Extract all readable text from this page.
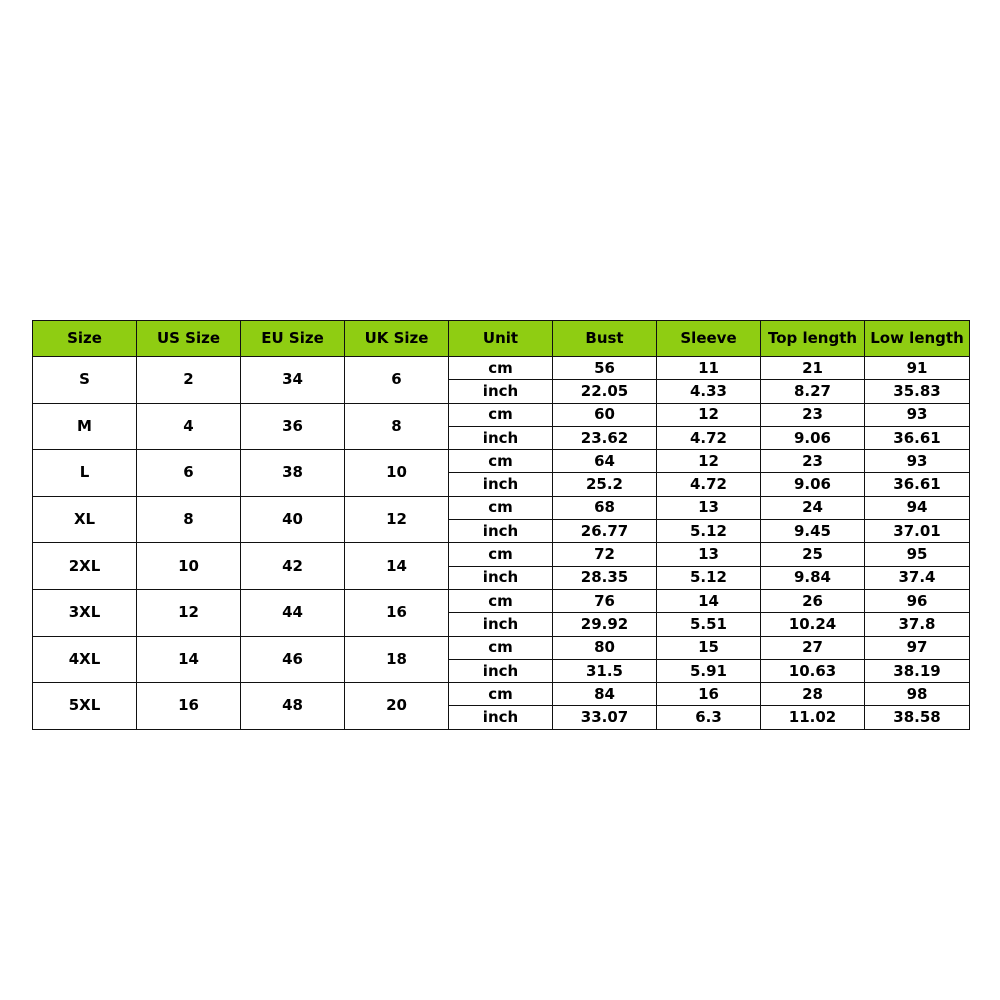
Size	US Size	EU Size	UK Size	Unit	Bust	Sleeve	Top length	Low length
S	2	34	6	cm	56	11	21	91
				inch	22.05	4.33	8.27	35.83
M	4	36	8	cm	60	12	23	93
				inch	23.62	4.72	9.06	36.61
L	6	38	10	cm	64	12	23	93
				inch	25.2	4.72	9.06	36.61
XL	8	40	12	cm	68	13	24	94
				inch	26.77	5.12	9.45	37.01
2XL	10	42	14	cm	72	13	25	95
				inch	28.35	5.12	9.84	37.4
3XL	12	44	16	cm	76	14	26	96
				inch	29.92	5.51	10.24	37.8
4XL	14	46	18	cm	80	15	27	97
				inch	31.5	5.91	10.63	38.19
5XL	16	48	20	cm	84	16	28	98
				inch	33.07	6.3	11.02	38.58
